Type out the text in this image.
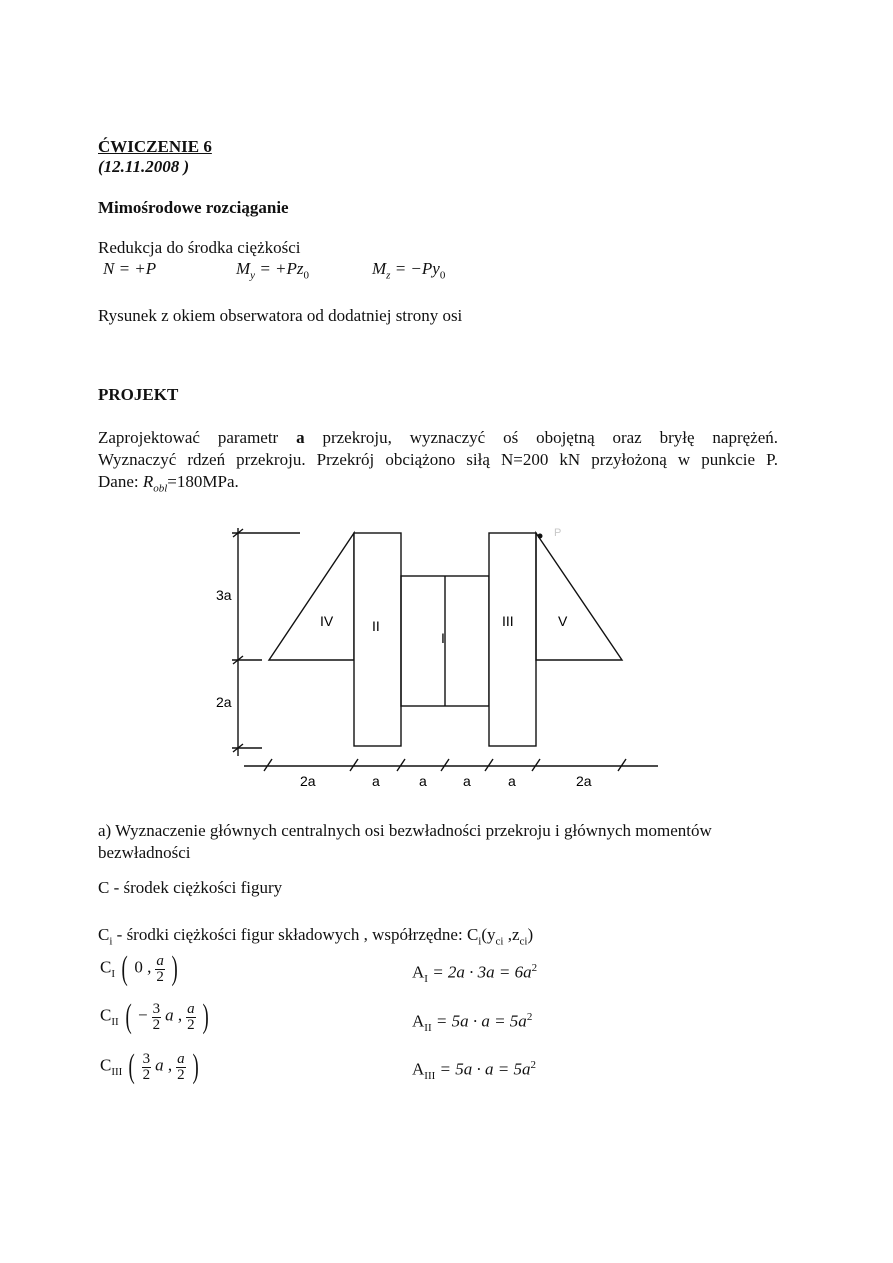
ĆWICZENIE 6
(12.11.2008 )
Mimośrodowe rozciąganie
Redukcja do środka ciężkości
N = +P	$M_y = +Pz_0$	$M_z = -Py_0$
Rysunek z okiem obserwatora od dodatniej strony osi
PROJEKT
Zaprojektować parametr a przekroju, wyznaczyć oś obojętną oraz bryłę naprężeń.
Wyznaczyć rdzeń przekroju. Przekrój obciążono siłą N=200 kN przyłożoną w punkcie P.
Dane: $R_{obl}=180MPa$.
IV	II
I
III	V
P
3a
2a
2a	a	a	a	a	2a
a) Wyznaczenie głównych centralnych osi bezwładności przekroju i głównych momentów bezwładności
C - środek ciężkości figury
$C_i$ - środki ciężkości figur składowych , współrzędne: $C_i(y_{ci}$ $,z_{ci}$)
$C_I$ ( 0 , $\frac{a}{2}$ )
$C_{II}$ ( − $\frac{3}{2}$ a , $\frac{a}{2}$ )
$C_{III}$ ( $\frac{3}{2}$ a , $\frac{a}{2}$ )
$A_I = 2a \cdot 3a = 6a^2$
$A_{II} = 5a \cdot a = 5a^2$
$A_{III} = 5a \cdot a = 5a^2$
